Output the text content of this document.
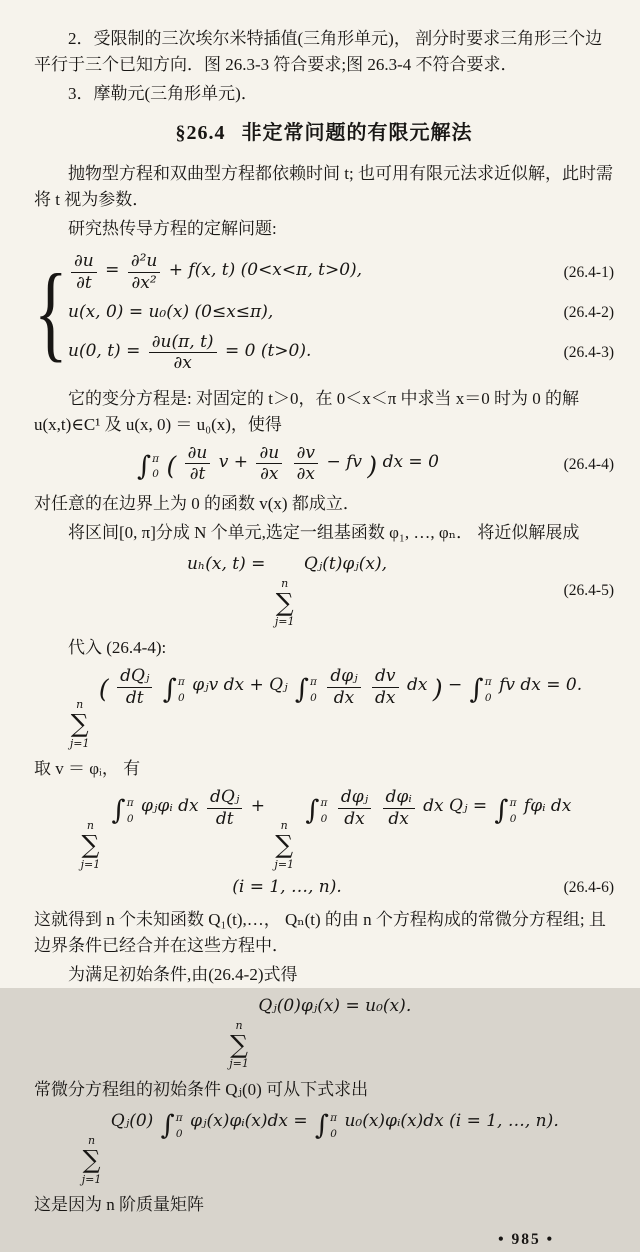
2．受限制的三次埃尔米特插值(三角形单元)， 剖分时要求三角形三个边平行于三个已知方向．图 26.3-3 符合要求;图 26.3-4 不符合要求．

3．摩勒元(三角形单元)．

§26.4 非定常问题的有限元解法

抛物型方程和双曲型方程都依赖时间 t; 也可用有限元法求近似解，此时需将 t 视为参数．

研究热传导方程的定解问题:

{ $\frac{\partial u}{\partial t} = \frac{\text{∂²u}}{\text{∂x²}} + f(x$, t) (0<x<π, t>0),	(26.4-1)
u(x, 0) = u₀(x) (0≤x≤π),	(26.4-2)
u(0, $t) = \frac{\partial u(\pi, t)}{\partial x} = 0$ (t>0).	(26.4-3)

它的变分方程是: 对固定的 t＞0，在 0＜x＜π 中求当 x＝0 时为 0 的解 u(x,t)∈C¹ 及 u(x, 0) ＝ u₀(x)，使得

∫ π
0 ( $\frac{\partial u}{\partial t}$ $v + \frac{\partial u}{\partial x}$
$\frac{\partial v}{\partial x}$ − fv ) dx = 0	(26.4-4)

对任意的在边界上为 0 的函数 v(x) 都成立．

将区间[0, π]分成 N 个单元,选定一组基函数 φ₁, …, φₙ． 将近似解展成

uₕ(x, t) =
n
∑
j=1
Qⱼ(t)φⱼ(x),
(26.4-5)

代入 (26.4-4):

n
∑
j=1
( $\frac{\text{dQⱼ}}{dt}$
∫ π
0
φⱼv dx + Qⱼ ∫ π
0
$\frac{\text{dφⱼ}}{dx}$
$\frac{dv}{dx}$ dx ) − ∫ π
0
fv dx = 0.

取 v ＝ φᵢ， 有

n
∑
j=1

∫ π
0
φⱼφᵢ dx $\frac{\text{dQⱼ}}{dt}$ +
n
∑
j=1

∫ π
0
$\frac{\text{dφⱼ}}{dx}$
$\frac{\text{dφᵢ}}{dx}$ dx Qⱼ = ∫ π
0
fφᵢ dx
(i = 1, …, n).	(26.4-6)

这就得到 n 个未知函数 Q₁(t),…， Qₙ(t) 的由 n 个方程构成的常微分方程组; 且边界条件已经合并在这些方程中．

为满足初始条件,由(26.4-2)式得

n
∑
j=1
Qⱼ(0)φⱼ(x) = u₀(x)．

常微分方程组的初始条件 Qⱼ(0) 可从下式求出

n
∑
j=1
Qⱼ(0) ∫ π
0
φⱼ(x)φᵢ(x)dx = ∫ π
0
u₀(x)φᵢ(x)dx (i = 1, …, n)．

这是因为 n 阶质量矩阵

• 985 •
